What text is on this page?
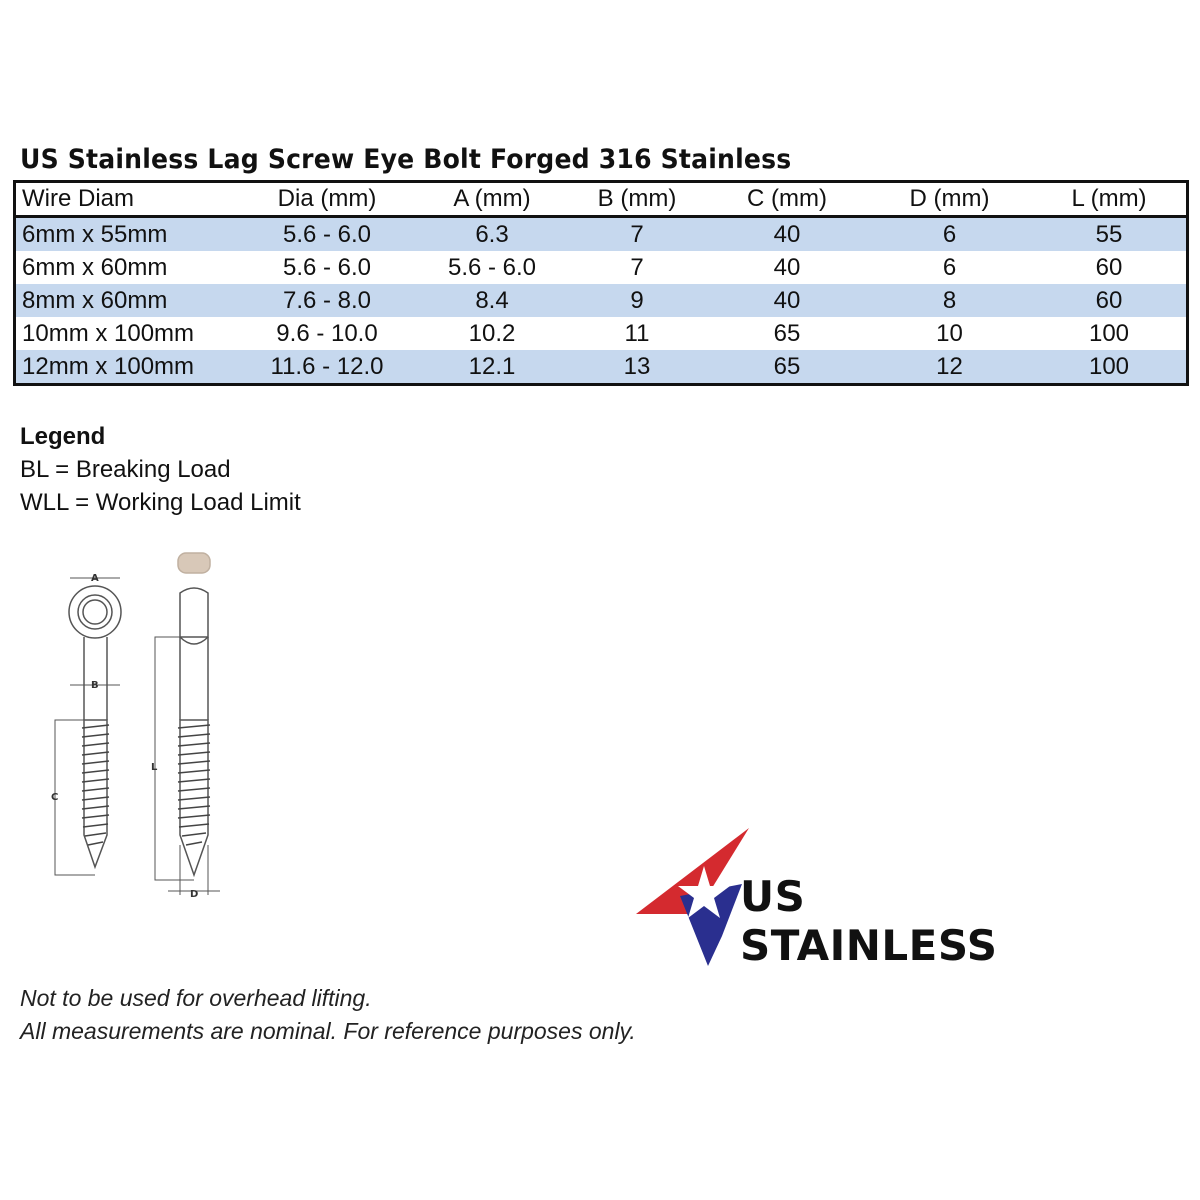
US Stainless Lag Screw Eye Bolt Forged 316 Stainless
Wire Diam	Dia (mm)	A (mm)	B (mm)	C (mm)	D (mm)	L (mm)
6mm x 55mm	5.6 - 6.0	6.3	7	40	6	55
6mm x 60mm	5.6 - 6.0	5.6 - 6.0	7	40	6	60
8mm x 60mm	7.6 - 8.0	8.4	9	40	8	60
10mm x 100mm	9.6 - 10.0	10.2	11	65	10	100
12mm x 100mm	11.6 - 12.0	12.1	13	65	12	100
Legend
BL = Breaking Load
WLL = Working Load Limit
A
B
C
L
D	US STAINLESS
Not to be used for overhead lifting.
All measurements are nominal. For reference purposes only.
